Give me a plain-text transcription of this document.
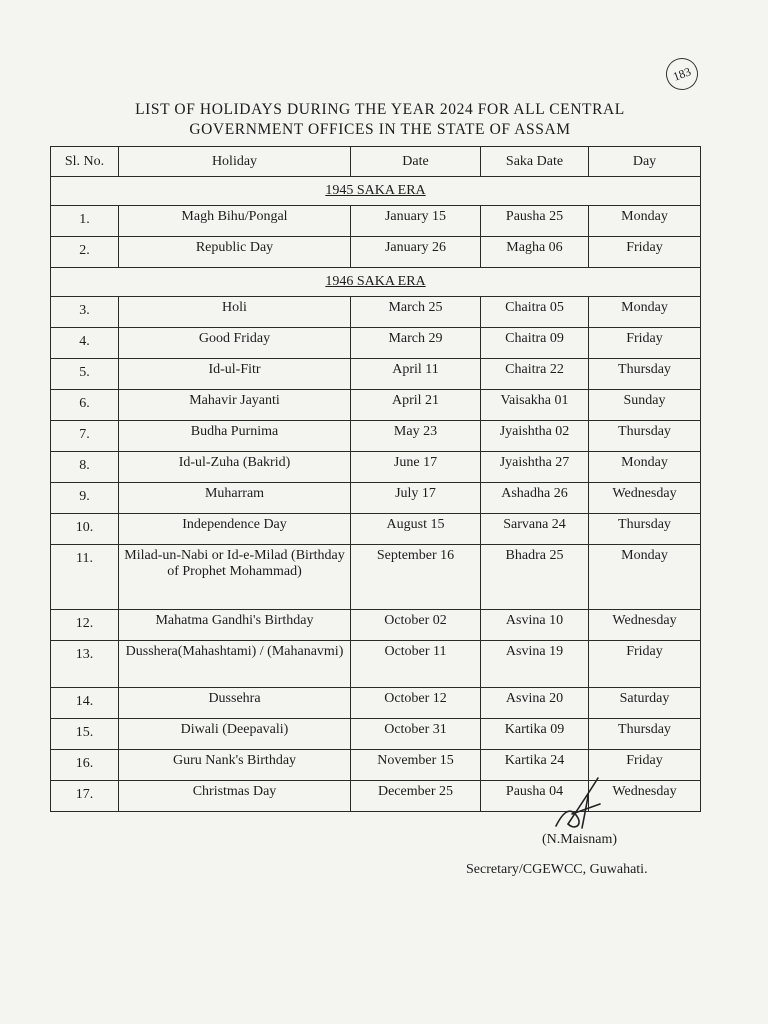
183
LIST OF HOLIDAYS DURING THE YEAR 2024 FOR ALL CENTRAL
GOVERNMENT OFFICES IN THE STATE OF ASSAM
Sl. No.	Holiday	Date	Saka Date	Day
1945 SAKA ERA				
1.	Magh Bihu/Pongal	January 15	Pausha 25	Monday
2.	Republic Day	January 26	Magha 06	Friday
1946 SAKA ERA				
3.	Holi	March 25	Chaitra 05	Monday
4.	Good Friday	March 29	Chaitra 09	Friday
5.	Id-ul-Fitr	April 11	Chaitra 22	Thursday
6.	Mahavir Jayanti	April 21	Vaisakha 01	Sunday
7.	Budha Purnima	May 23	Jyaishtha 02	Thursday
8.	Id-ul-Zuha (Bakrid)	June 17	Jyaishtha 27	Monday
9.	Muharram	July 17	Ashadha 26	Wednesday
10.	Independence Day	August 15	Sarvana 24	Thursday
11.	Milad-un-Nabi or Id-e-Milad (Birthday of Prophet Mohammad)	September 16	Bhadra 25	Monday
12.	Mahatma Gandhi's Birthday	October 02	Asvina 10	Wednesday
13.	Dusshera(Mahashtami) / (Mahanavmi)	October 11	Asvina 19	Friday
14.	Dussehra	October 12	Asvina 20	Saturday
15.	Diwali (Deepavali)	October 31	Kartika 09	Thursday
16.	Guru Nank's Birthday	November 15	Kartika 24	Friday
17.	Christmas Day	December 25	Pausha 04	Wednesday
(N.Maisnam)
Secretary/CGEWCC, Guwahati.
